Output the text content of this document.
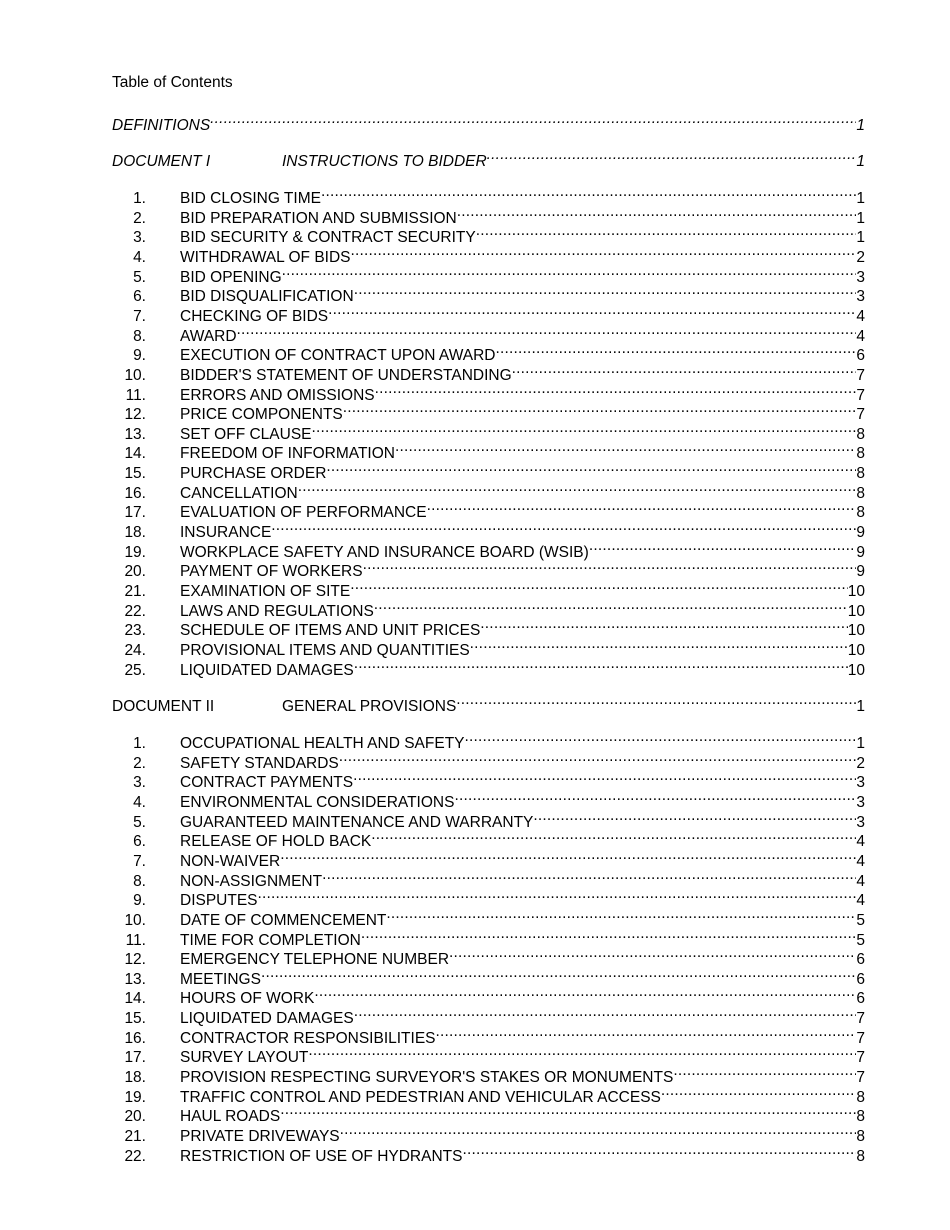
Table of Contents
DEFINITIONS .....	1
DOCUMENT I	INSTRUCTIONS TO BIDDER .....	1
1.	BID CLOSING TIME .....	1
2.	BID PREPARATION AND SUBMISSION .....	1
3.	BID SECURITY & CONTRACT SECURITY .....	1
4.	WITHDRAWAL OF BIDS .....	2
5.	BID OPENING .....	3
6.	BID DISQUALIFICATION .....	3
7.	CHECKING OF BIDS .....	4
8.	AWARD .....	4
9.	EXECUTION OF CONTRACT UPON AWARD .....	6
10.	BIDDER'S STATEMENT OF UNDERSTANDING .....	7
11.	ERRORS AND OMISSIONS .....	7
12.	PRICE COMPONENTS .....	7
13.	SET OFF CLAUSE .....	8
14.	FREEDOM OF INFORMATION .....	8
15.	PURCHASE ORDER .....	8
16.	CANCELLATION .....	8
17.	EVALUATION OF PERFORMANCE .....	8
18.	INSURANCE .....	9
19.	WORKPLACE SAFETY AND INSURANCE BOARD (WSIB) .....	9
20.	PAYMENT OF WORKERS .....	9
21.	EXAMINATION OF SITE .....	10
22.	LAWS AND REGULATIONS .....	10
23.	SCHEDULE OF ITEMS AND UNIT PRICES .....	10
24.	PROVISIONAL ITEMS AND QUANTITIES .....	10
25.	LIQUIDATED DAMAGES .....	10
DOCUMENT II	GENERAL PROVISIONS .....	1
1.	OCCUPATIONAL HEALTH AND SAFETY .....	1
2.	SAFETY STANDARDS .....	2
3.	CONTRACT PAYMENTS .....	3
4.	ENVIRONMENTAL CONSIDERATIONS .....	3
5.	GUARANTEED MAINTENANCE AND WARRANTY .....	3
6.	RELEASE OF HOLD BACK .....	4
7.	NON-WAIVER .....	4
8.	NON-ASSIGNMENT .....	4
9.	DISPUTES .....	4
10.	DATE OF COMMENCEMENT .....	5
11.	TIME FOR COMPLETION .....	5
12.	EMERGENCY TELEPHONE NUMBER .....	6
13.	MEETINGS .....	6
14.	HOURS OF WORK .....	6
15.	LIQUIDATED DAMAGES .....	7
16.	CONTRACTOR RESPONSIBILITIES .....	7
17.	SURVEY LAYOUT .....	7
18.	PROVISION RESPECTING SURVEYOR'S STAKES OR MONUMENTS .....	7
19.	TRAFFIC CONTROL AND PEDESTRIAN AND VEHICULAR ACCESS .....	8
20.	HAUL ROADS .....	8
21.	PRIVATE DRIVEWAYS .....	8
22.	RESTRICTION OF USE OF HYDRANTS .....	8
